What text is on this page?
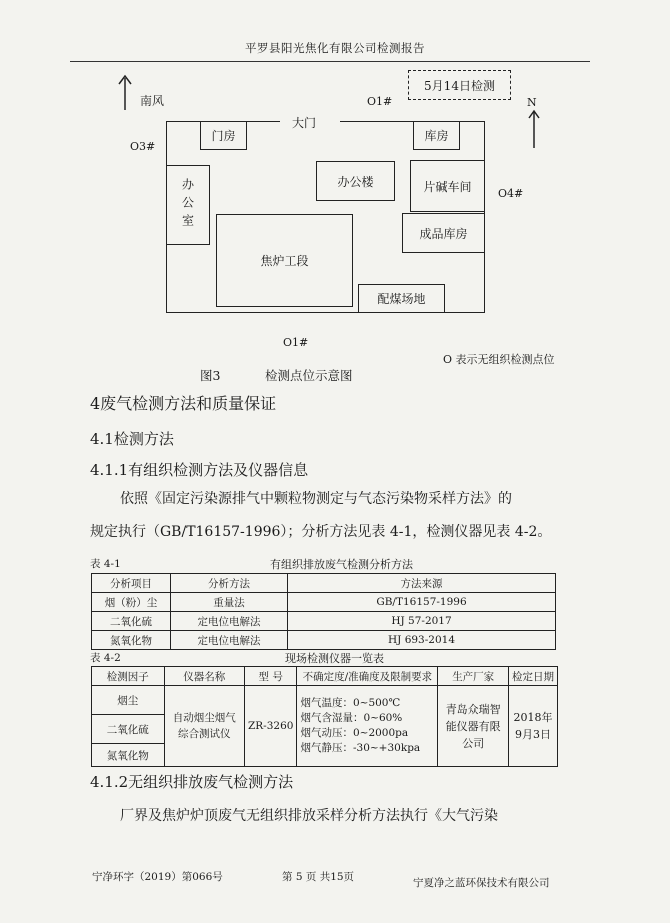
平罗县阳光焦化有限公司检测报告
南风
5月14日检测
N
O1#
O3#
O4#
O1#
大门
门房	库房
办公室	办公楼	片碱车间
成品库房
焦炉工段
配煤场地
图3	检测点位示意图
O 表示无组织检测点位
4废气检测方法和质量保证
4.1检测方法
4.1.1有组织检测方法及仪器信息
依照《固定污染源排气中颗粒物测定与气态污染物采样方法》的
规定执行（GB/T16157-1996）；分析方法见表 4-1，检测仪器见表 4-2。
表 4-1	有组织排放废气检测分析方法
分析项目	分析方法	方法来源
烟（粉）尘	重量法	GB/T16157-1996
二氧化硫	定电位电解法	HJ 57-2017
氮氧化物	定电位电解法	HJ 693-2014
表 4-2	现场检测仪器一览表
检测因子	仪器名称	型 号	不确定度/准确度及限制要求	生产厂家	检定日期
烟尘	自动烟尘烟气综合测试仪	ZR-3260	烟气温度：0~500℃
烟气含湿量：0~60%
烟气动压：0~2000pa
烟气静压：-30~+30kpa	青岛众瑞智能仪器有限公司	2018年9月3日
二氧化硫					
氮氧化物					
4.1.2无组织排放废气检测方法
厂界及焦炉炉顶废气无组织排放采样分析方法执行《大气污染
宁净环字（2019）第066号	第 5 页 共15页	宁夏净之蓝环保技术有限公司
